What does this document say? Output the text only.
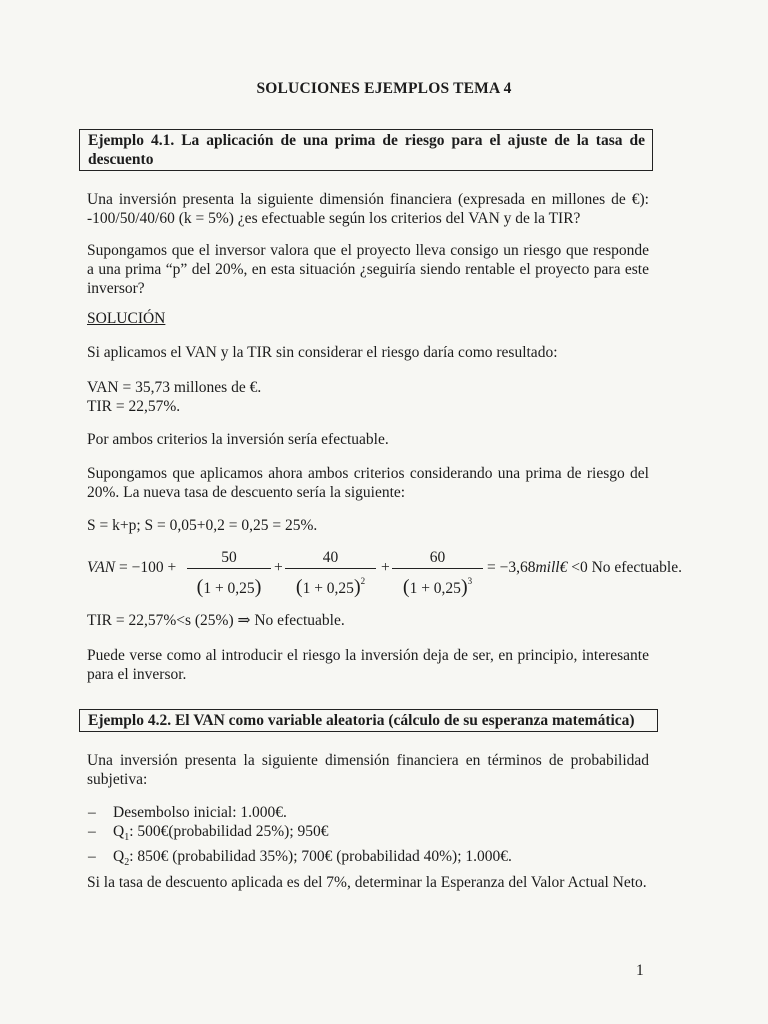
SOLUCIONES EJEMPLOS TEMA 4
Ejemplo 4.1. La aplicación de una prima de riesgo para el ajuste de la tasa de descuento

Una inversión presenta la siguiente dimensión financiera (expresada en millones de €): -100/50/40/60 (k = 5%) ¿es efectuable según los criterios del VAN y de la TIR?

Supongamos que el inversor valora que el proyecto lleva consigo un riesgo que responde a una prima “p” del 20%, en esta situación ¿seguiría siendo rentable el proyecto para este inversor?

SOLUCIÓN

Si aplicamos el VAN y la TIR sin considerar el riesgo daría como resultado:

VAN = 35,73 millones de €.

TIR = 22,57%.

Por ambos criterios la inversión sería efectuable.

Supongamos que aplicamos ahora ambos criterios considerando una prima de riesgo del 20%. La nueva tasa de descuento sería la siguiente:

S = k+p; S = 0,05+0,2 = 0,25 = 25%.

VAN = −100 +
50
(1 + 0,25)
+
40
$(1 + 0,25)^2$
+
60
$(1 + 0,25)^3$
= −3,68mill€ <0 No efectuable.

TIR = 22,57%<s (25%) ⇒ No efectuable.

Puede verse como al introducir el riesgo la inversión deja de ser, en principio, interesante para el inversor.

Ejemplo 4.2. El VAN como variable aleatoria (cálculo de su esperanza matemática)

Una inversión presenta la siguiente dimensión financiera en términos de probabilidad subjetiva:

– Desembolso inicial: 1.000€.
– $Q_1$: 500€(probabilidad 25%); 950€
– $Q_2$: 850€ (probabilidad 35%); 700€ (probabilidad 40%); 1.000€.

Si la tasa de descuento aplicada es del 7%, determinar la Esperanza del Valor Actual Neto.

1
